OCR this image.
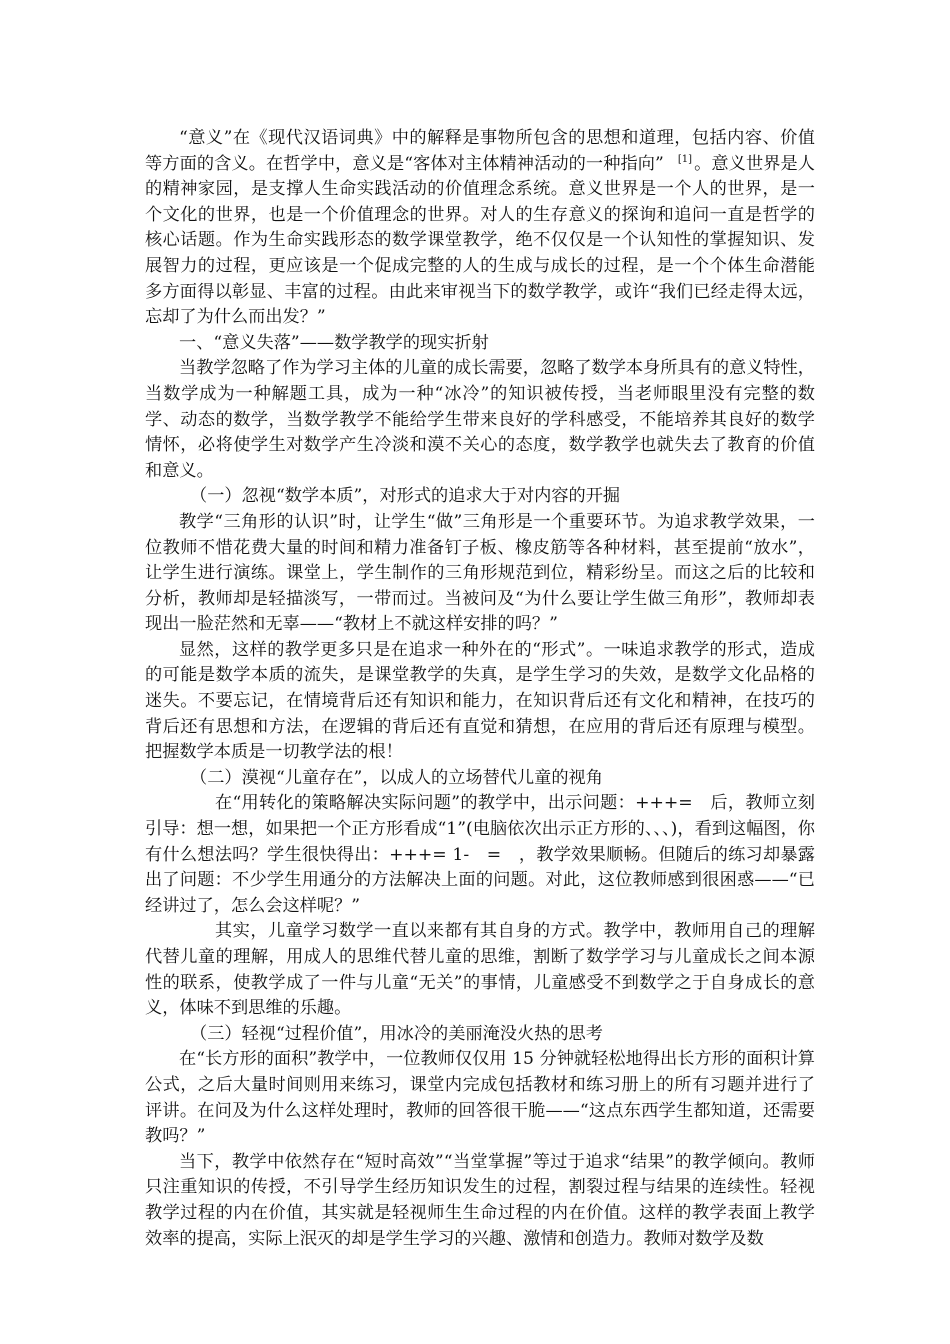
“意义”在《现代汉语词典》中的解释是事物所包含的思想和道理，包括内容、价值等方面的含义。在哲学中，意义是“客体对主体精神活动的一种指向” [1] 。意义世界是人的精神家园，是支撑人生命实践活动的价值理念系统。意义世界是一个人的世界，是一个文化的世界，也是一个价值理念的世界。对人的生存意义的探询和追问一直是哲学的核心话题。作为生命实践形态的数学课堂教学，绝不仅仅是一个认知性的掌握知识、发展智力的过程，更应该是一个促成完整的人的生成与成长的过程，是一个个体生命潜能多方面得以彰显、丰富的过程。由此来审视当下的数学教学，或许“我们已经走得太远，忘却了为什么而出发？”

一、“意义失落”——数学教学的现实折射

当教学忽略了作为学习主体的儿童的成长需要，忽略了数学本身所具有的意义特性，当数学成为一种解题工具，成为一种“冰冷”的知识被传授，当老师眼里没有完整的数学、动态的数学，当数学教学不能给学生带来良好的学科感受，不能培养其良好的数学情怀，必将使学生对数学产生冷淡和漠不关心的态度，数学教学也就失去了教育的价值和意义。

（一）忽视“数学本质”，对形式的追求大于对内容的开掘

教学“三角形的认识”时，让学生“做”三角形是一个重要环节。为追求教学效果，一位教师不惜花费大量的时间和精力准备钉子板、橡皮筋等各种材料，甚至提前“放水”，让学生进行演练。课堂上，学生制作的三角形规范到位，精彩纷呈。而这之后的比较和分析，教师却是轻描淡写，一带而过。当被问及“为什么要让学生做三角形”，教师却表现出一脸茫然和无辜——“教材上不就这样安排的吗？”

显然，这样的教学更多只是在追求一种外在的“形式”。一味追求教学的形式，造成的可能是数学本质的流失，是课堂教学的失真，是学生学习的失效，是数学文化品格的迷失。不要忘记，在情境背后还有知识和能力，在知识背后还有文化和精神，在技巧的背后还有思想和方法，在逻辑的背后还有直觉和猜想，在应用的背后还有原理与模型。把握数学本质是一切教学法的根！

（二）漠视“儿童存在”，以成人的立场替代儿童的视角

在“用转化的策略解决实际问题”的教学中，出示问题：+++=　后，教师立刻引导：想一想，如果把一个正方形看成“1”(电脑依次出示正方形的、、、)，看到这幅图，你有什么想法吗？学生很快得出：+++= 1-　=　，教学效果顺畅。但随后的练习却暴露出了问题：不少学生用通分的方法解决上面的问题。对此，这位教师感到很困惑——“已经讲过了，怎么会这样呢？”

其实，儿童学习数学一直以来都有其自身的方式。教学中，教师用自己的理解代替儿童的理解，用成人的思维代替儿童的思维，割断了数学学习与儿童成长之间本源性的联系，使教学成了一件与儿童“无关”的事情，儿童感受不到数学之于自身成长的意义，体味不到思维的乐趣。

（三）轻视“过程价值”，用冰冷的美丽淹没火热的思考

在“长方形的面积”教学中，一位教师仅仅用 15 分钟就轻松地得出长方形的面积计算公式，之后大量时间则用来练习，课堂内完成包括教材和练习册上的所有习题并进行了评讲。在问及为什么这样处理时，教师的回答很干脆——“这点东西学生都知道，还需要教吗？”

当下，教学中依然存在“短时高效”“当堂掌握”等过于追求“结果”的教学倾向。教师只注重知识的传授，不引导学生经历知识发生的过程，割裂过程与结果的连续性。轻视教学过程的内在价值，其实就是轻视师生生命过程的内在价值。这样的教学表面上教学效率的提高，实际上泯灭的却是学生学习的兴趣、激情和创造力。教师对数学及数
